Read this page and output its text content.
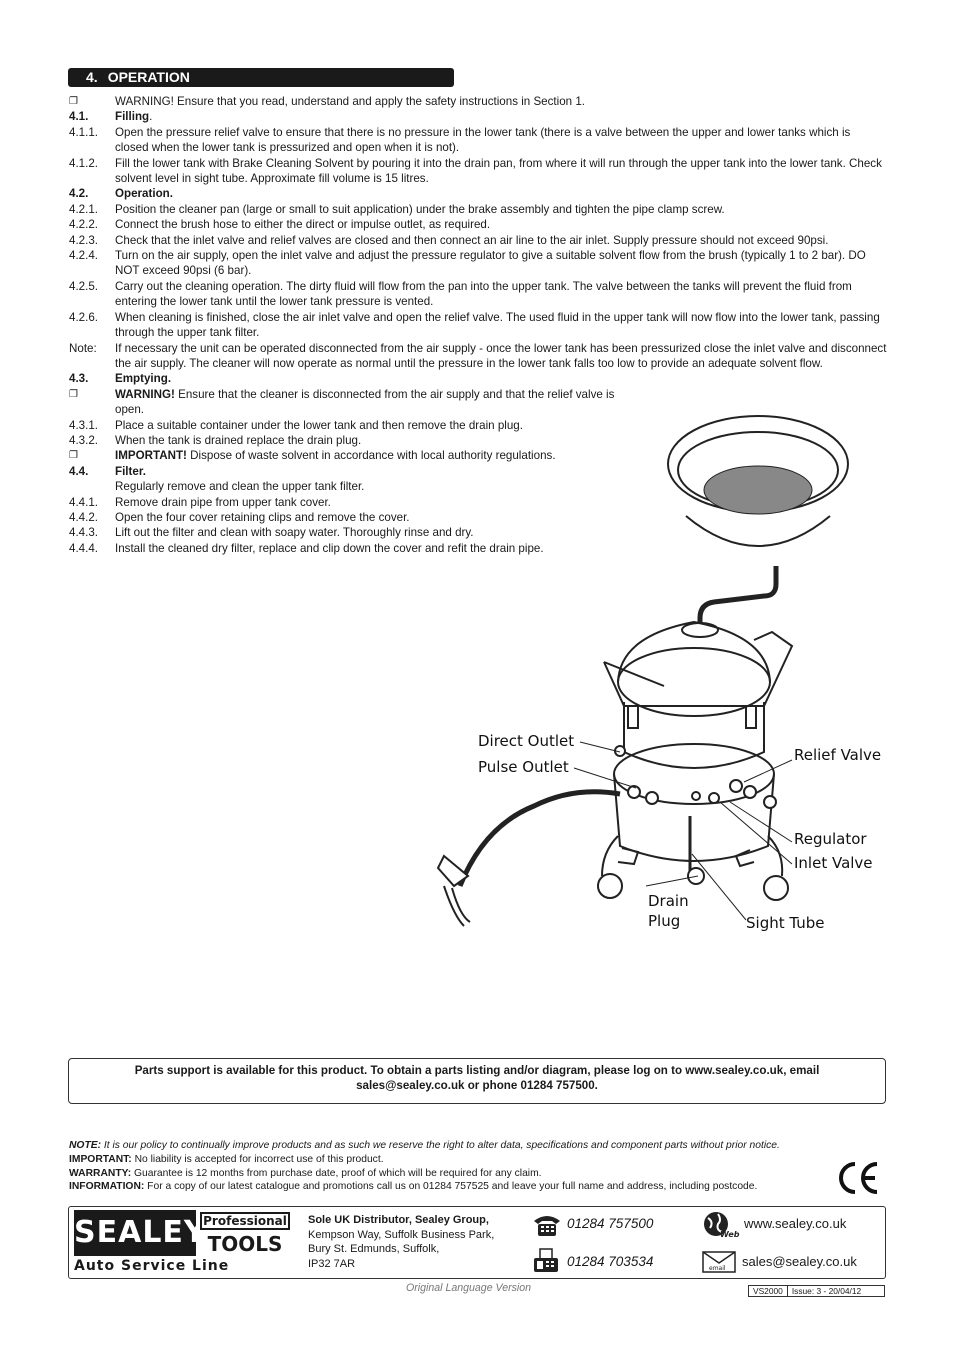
4. OPERATION
❐	WARNING! Ensure that you read, understand and apply the safety instructions in Section 1.
4.1.	Filling.
4.1.1.	Open the pressure relief valve to ensure that there is no pressure in the lower tank (there is a valve between the upper and lower tanks which is closed when the lower tank is pressurized and open when it is not).
4.1.2.	Fill the lower tank with Brake Cleaning Solvent by pouring it into the drain pan, from where it will run through the upper tank into the lower tank. Check solvent level in sight tube. Approximate fill volume is 15 litres.
4.2.	Operation.
4.2.1.	Position the cleaner pan (large or small to suit application) under the brake assembly and tighten the pipe clamp screw.
4.2.2.	Connect the brush hose to either the direct or impulse outlet, as required.
4.2.3.	Check that the inlet valve and relief valves are closed and then connect an air line to the air inlet. Supply pressure should not exceed 90psi.
4.2.4.	Turn on the air supply, open the inlet valve and adjust the pressure regulator to give a suitable solvent flow from the brush (typically 1 to 2 bar). DO NOT exceed 90psi (6 bar).
4.2.5.	Carry out the cleaning operation. The dirty fluid will flow from the pan into the upper tank. The valve between the tanks will prevent the fluid from entering the lower tank until the lower tank pressure is vented.
4.2.6.	When cleaning is finished, close the air inlet valve and open the relief valve. The used fluid in the upper tank will now flow into the lower tank, passing through the upper tank filter.
Note:	If necessary the unit can be operated disconnected from the air supply - once the lower tank has been pressurized close the inlet valve and disconnect the air supply. The cleaner will now operate as normal until the pressure in the lower tank falls too low to provide an adequate solvent flow.
4.3.	Emptying.
❐	WARNING! Ensure that the cleaner is disconnected from the air supply and that the relief valve is open.
4.3.1.	Place a suitable container under the lower tank and then remove the drain plug.
4.3.2.	When the tank is drained replace the drain plug.
❐	IMPORTANT! Dispose of waste solvent in accordance with local authority regulations.
4.4.	Filter.
Regularly remove and clean the upper tank filter.
4.4.1.	Remove drain pipe from upper tank cover.
4.4.2.	Open the four cover retaining clips and remove the cover.
4.4.3.	Lift out the filter and clean with soapy water. Thoroughly rinse and dry.
4.4.4.	Install the cleaned dry filter, replace and clip down the cover and refit the drain pipe.
Direct Outlet
Pulse Outlet
Relief Valve
Regulator
Inlet Valve
Drain
Plug	Sight Tube
Parts support is available for this product. To obtain a parts listing and/or diagram, please log on to www.sealey.co.uk, email
sales@sealey.co.uk or phone 01284 757500.
NOTE: It is our policy to continually improve products and as such we reserve the right to alter data, specifications and component parts without prior notice.
IMPORTANT: No liability is accepted for incorrect use of this product.
WARRANTY: Guarantee is 12 months from purchase date, proof of which will be required for any claim.
INFORMATION: For a copy of our latest catalogue and promotions call us on 01284 757525 and leave your full name and address, including postcode.
SEALEY
Professional
TOOLS
Auto Service Line
Sole UK Distributor, Sealey Group,
Kempson Way, Suffolk Business Park,
Bury St. Edmunds, Suffolk,
IP32 7AR
01284 757500
01284 703534
Web
www.sealey.co.uk
email sales@sealey.co.uk
Original Language Version	VS2000	Issue: 3 - 20/04/12
